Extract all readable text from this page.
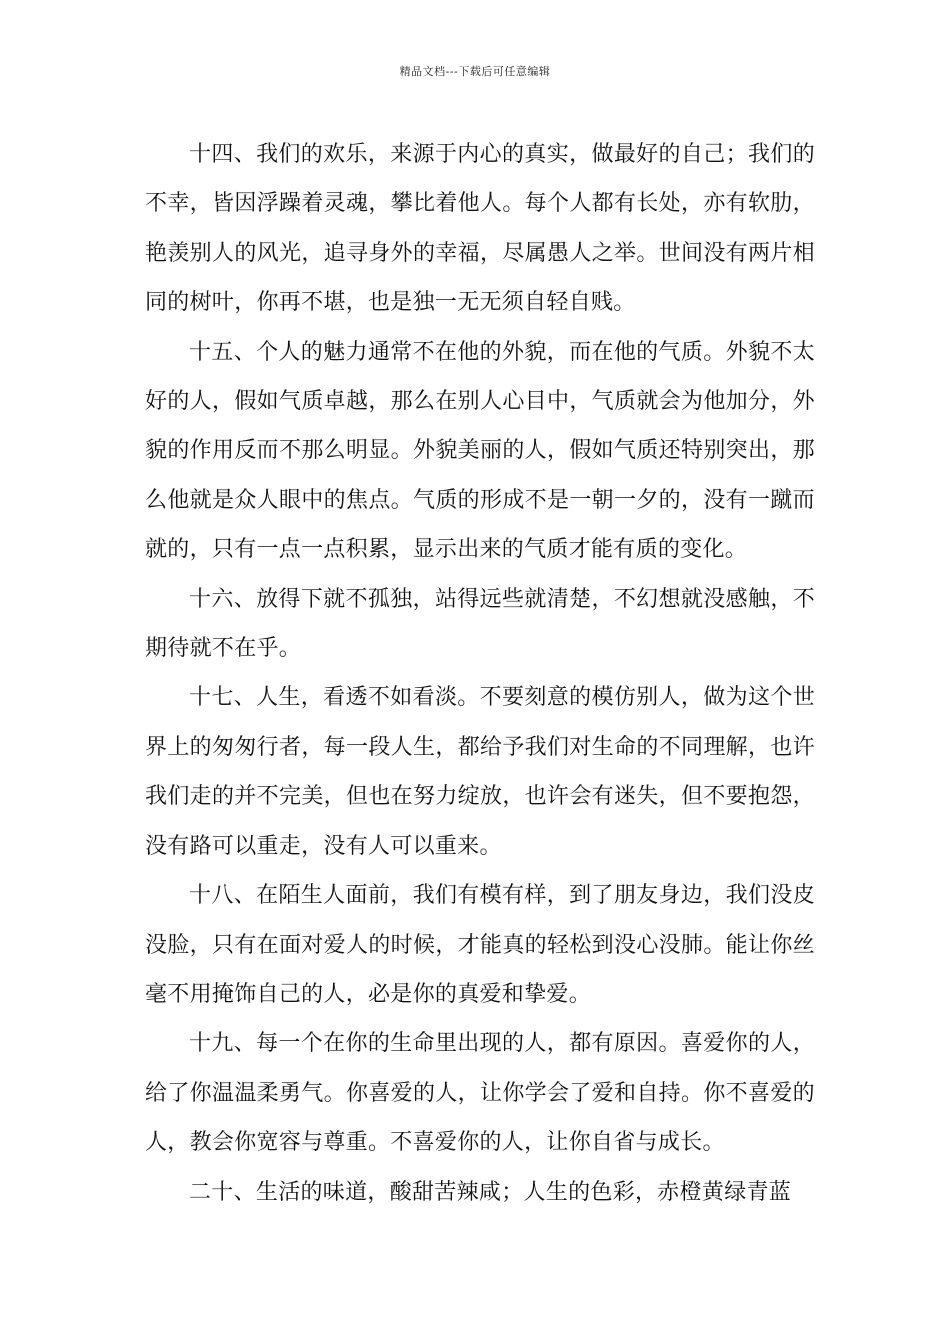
精品文档---下载后可任意编辑

十四、我们的欢乐，来源于内心的真实，做最好的自己；我们的不幸，皆因浮躁着灵魂，攀比着他人。每个人都有长处，亦有软肋，艳羡别人的风光，追寻身外的幸福，尽属愚人之举。世间没有两片相同的树叶，你再不堪，也是独一无无须自轻自贱。

十五、个人的魅力通常不在他的外貌，而在他的气质。外貌不太好的人，假如气质卓越，那么在别人心目中，气质就会为他加分，外貌的作用反而不那么明显。外貌美丽的人，假如气质还特别突出，那么他就是众人眼中的焦点。气质的形成不是一朝一夕的，没有一蹴而就的，只有一点一点积累，显示出来的气质才能有质的变化。

十六、放得下就不孤独，站得远些就清楚，不幻想就没感触，不期待就不在乎。

十七、人生，看透不如看淡。不要刻意的模仿别人，做为这个世界上的匆匆行者，每一段人生，都给予我们对生命的不同理解，也许我们走的并不完美，但也在努力绽放，也许会有迷失，但不要抱怨，没有路可以重走，没有人可以重来。

十八、在陌生人面前，我们有模有样，到了朋友身边，我们没皮没脸，只有在面对爱人的时候，才能真的轻松到没心没肺。能让你丝毫不用掩饰自己的人，必是你的真爱和挚爱。

十九、每一个在你的生命里出现的人，都有原因。喜爱你的人，给了你温温柔勇气。你喜爱的人，让你学会了爱和自持。你不喜爱的人，教会你宽容与尊重。不喜爱你的人，让你自省与成长。

二十、生活的味道，酸甜苦辣咸；人生的色彩，赤橙黄绿青蓝
